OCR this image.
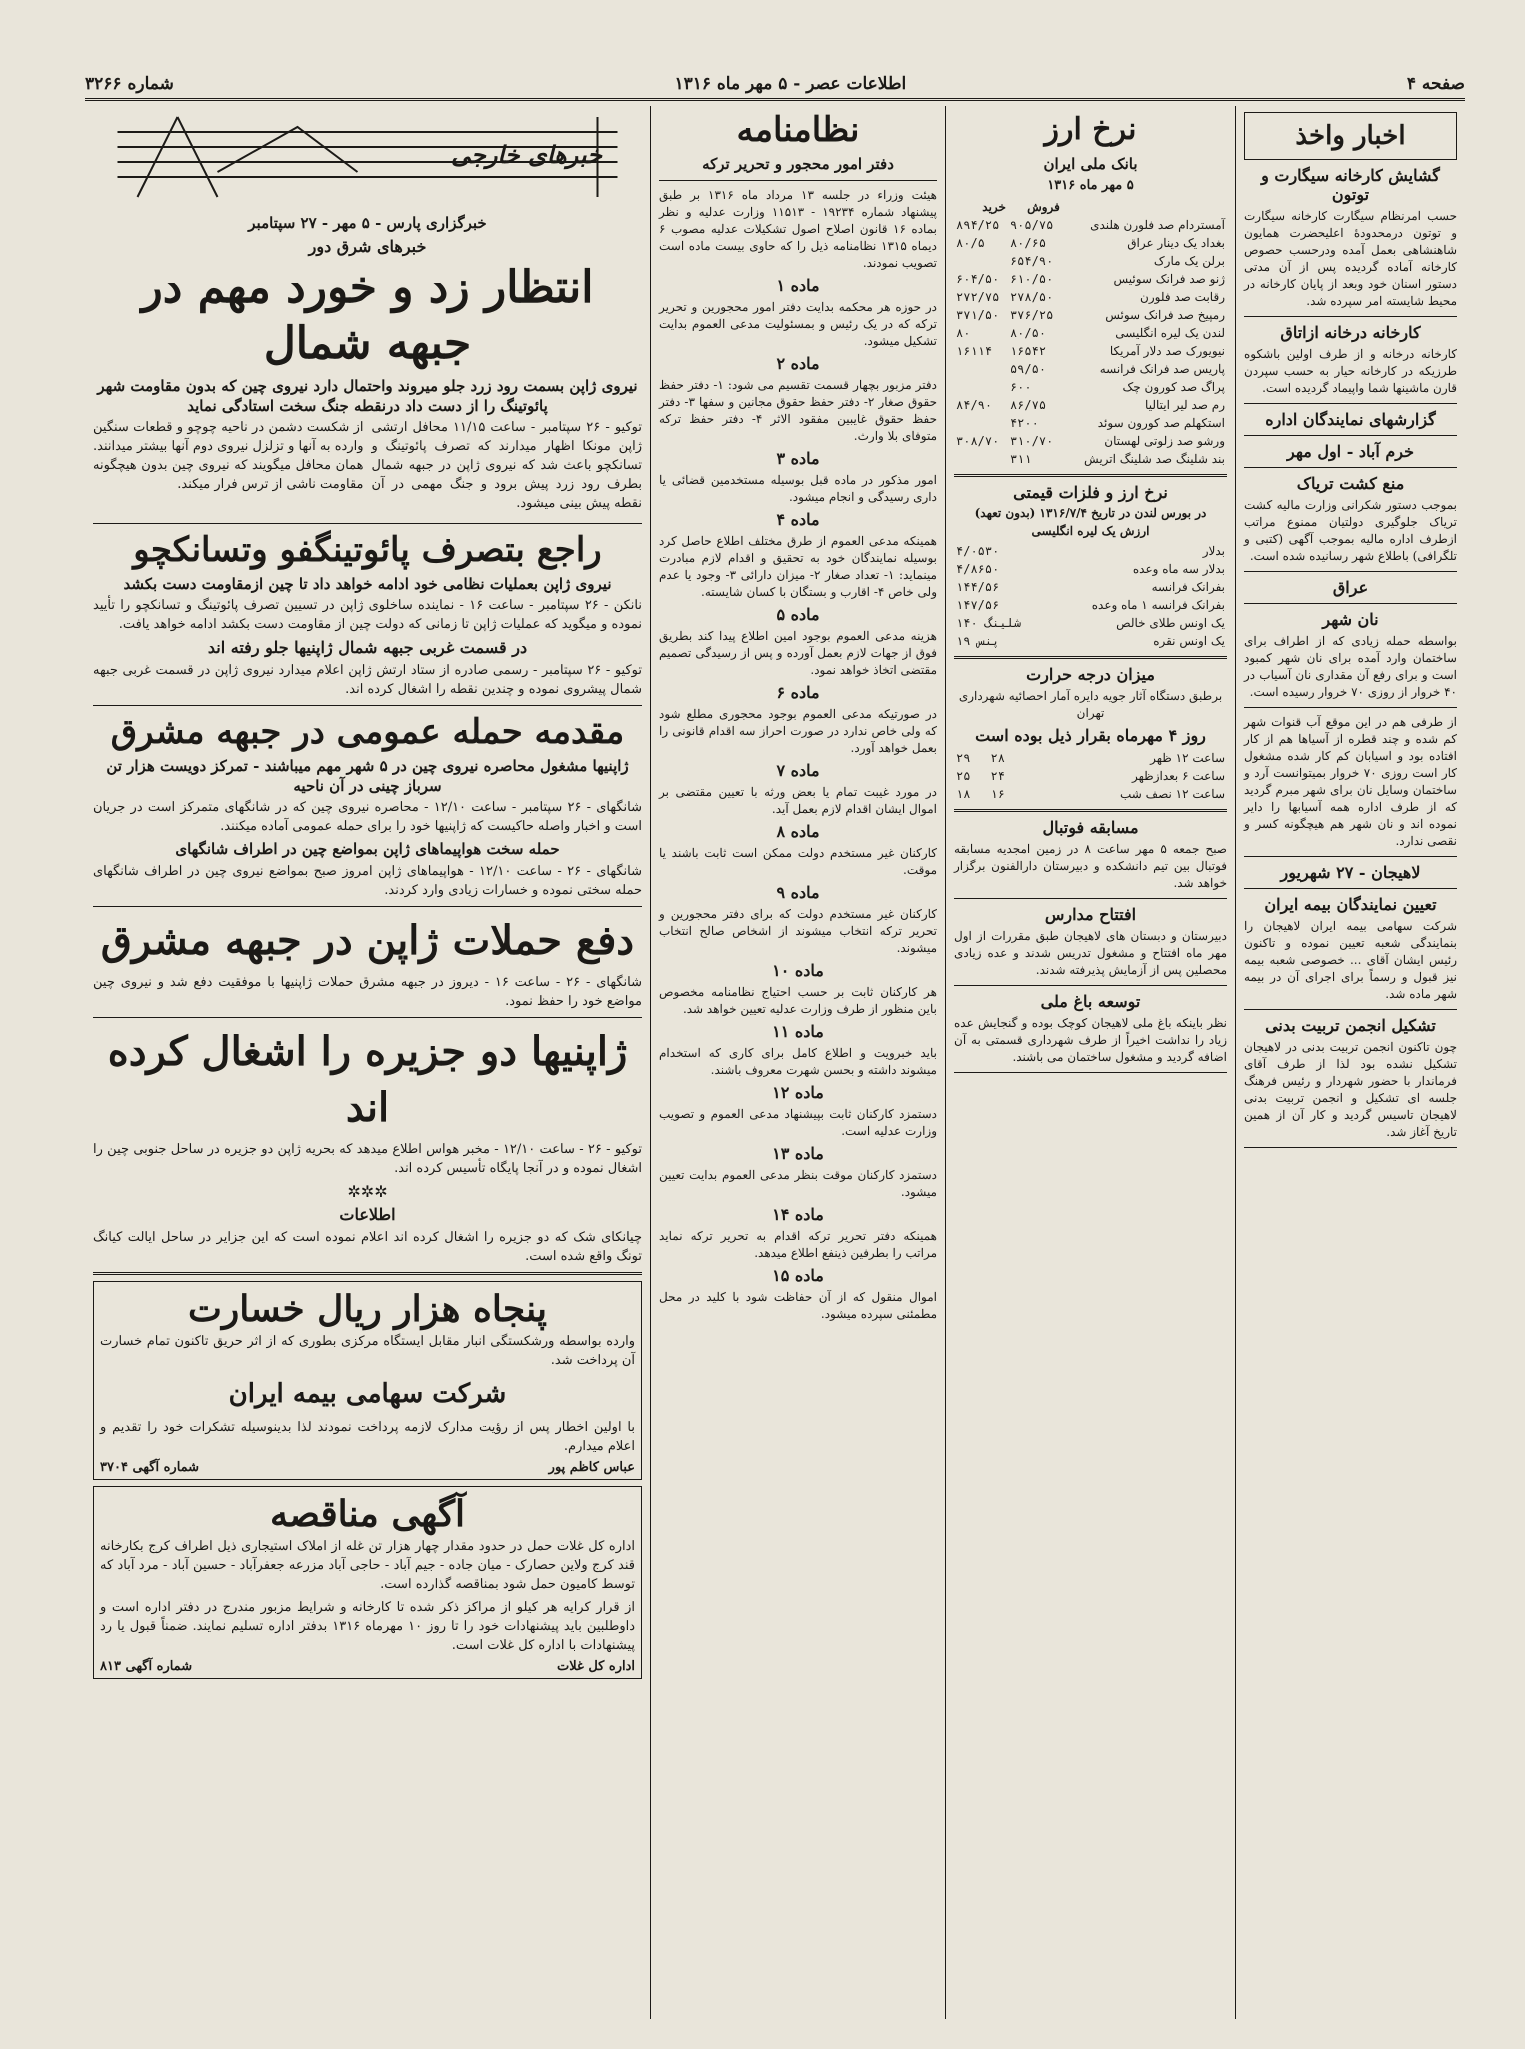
صفحه ۴
اطلاعات عصر - ۵ مهر ماه ۱۳۱۶
شماره ۳۲۶۶
اخبار واخذ
گشایش کارخانه سیگارت و توتون

حسب امرنظام سیگارت کارخانه سیگارت و توتون درمحدودهٔ اعلیحضرت همایون شاهنشاهی بعمل آمده ودرحسب حصوص کارخانه آماده گردیده پس از آن مدتی دستور اسنان خود وبعد از پایان کارخانه در محیط شایسته امر سپرده شد.

کارخانه درخانه ازاتاق

کارخانه درخانه و از طرف اولین باشکوه طرزیکه در کارخانه حیار به حسب سپردن قارن ماشینها شما واپیماد گردیده است.

گزارشهای نمایندگان اداره
خرم آباد - اول مهر
منع کشت تریاک

بموجب دستور شکرانی وزارت مالیه کشت تریاک جلوگیری دولتیان ممنوع مراتب ازطرف اداره مالیه بموجب آگهی (کتبی و تلگرافی) باطلاع شهر رسانیده شده است.

عراق
نان شهر

بواسطه حمله زیادی که از اطراف برای ساختمان وارد آمده برای نان شهر کمبود است و برای رفع آن مقداری نان آسیاب در ۴۰ خروار از روزی ۷۰ خروار رسیده است.

از طرفی هم در این موقع آب قنوات شهر کم شده و چند قطره از آسیاها هم از کار افتاده بود و اسیابان کم کار شده مشغول کار است روزی ۷۰ خروار بمیتوانست آرد و ساختمان وسایل نان برای شهر مبرم گردید که از طرف اداره همه آسیابها را دایر نموده اند و نان شهر هم هیچگونه کسر و نقصی ندارد.

لاهیجان - ۲۷ شهریور
تعیین نمایندگان بیمه ایران

شرکت سهامی بیمه ایران لاهیجان را بنمایندگی شعبه تعیین نموده و تاکنون رئیس ایشان آقای ... خصوصی شعبه بیمه نیز قبول و رسماً برای اجرای آن در بیمه شهر ماده شد.

تشکیل انجمن تربیت بدنی

چون تاکنون انجمن تربیت بدنی در لاهیجان تشکیل نشده بود لذا از طرف آقای فرماندار با حضور شهردار و رئیس فرهنگ جلسه ای تشکیل و انجمن تربیت بدنی لاهیجان تاسیس گردید و کار آن از همین تاریخ آغاز شد.

نرخ ارز
بانک ملی ایران
۵ مهر ماه ۱۳۱۶
	فروش	خرید
آمستردام صد فلورن هلندی	۹۰۵/۷۵	۸۹۴/۲۵
بغداد یک دینار عراق	۸۰/۶۵	۸۰/۵
برلن یک مارک	۶۵۴/۹۰	
ژنو صد فرانک سوئیس	۶۱۰/۵۰	۶۰۴/۵۰
رقابت صد فلورن	۲۷۸/۵۰	۲۷۲/۷۵
رمپیخ صد فرانک سوئس	۳۷۶/۲۵	۳۷۱/۵۰
لندن یک لیره انگلیسی	۸۰/۵۰	۸۰
نیویورک صد دلار آمریکا	۱۶۵۴۲	۱۶۱۱۴
پاریس صد فرانک فرانسه	۵۹/۵۰	
پراگ صد کورون چک	۶۰۰	
رم صد لیر ایتالیا	۸۶/۷۵	۸۴/۹۰
استکهلم صد کورون سوئد	۴۲۰۰	
ورشو صد زلوتی لهستان	۳۱۰/۷۰	۳۰۸/۷۰
بند شلینگ صد شلینگ اتریش	۳۱۱	
نرخ ارز و فلزات قیمتی
در بورس لندن در تاریخ ۱۳۱۶/۷/۴ (بدون تعهد)
ارزش یک لیره انگلیسی
بدلار	۴/۰۵۳۰
بدلار سه ماه وعده	۴/۸۶۵۰
بفرانک فرانسه	۱۴۴/۵۶
بفرانک فرانسه ۱ ماه وعده	۱۴۷/۵۶
یک اونس طلای خالص	۱۴۰ شلینگ
یک اونس نقره	۱۹ پنس
میزان درجه حرارت

برطبق دستگاه آثار جویه دایره آمار احصائیه شهرداری تهران

روز ۴ مهرماه بقرار ذیل بوده است
ساعت ۱۲ ظهر	۲۸	۲۹
ساعت ۶ بعدازظهر	۲۴	۲۵
ساعت ۱۲ نصف شب	۱۶	۱۸
مسابقه فوتبال

صبح جمعه ۵ مهر ساعت ۸ در زمین امجدیه مسابقه فوتبال بین تیم دانشکده و دبیرستان دارالفنون برگزار خواهد شد.

افتتاح مدارس

دبیرستان و دبستان های لاهیجان طبق مقررات از اول مهر ماه افتتاح و مشغول تدریس شدند و عده زیادی محصلین پس از آزمایش پذیرفته شدند.

توسعه باغ ملی

نظر باینکه باغ ملی لاهیجان کوچک بوده و گنجایش عده زیاد را نداشت اخیراً از طرف شهرداری قسمتی به آن اضافه گردید و مشغول ساختمان می باشند.

نظامنامه
دفتر امور محجور و تحریر ترکه

هیئت وزراء در جلسه ۱۳ مرداد ماه ۱۳۱۶ بر طبق پیشنهاد شماره ۱۹۲۳۴ - ۱۱۵۱۳ وزارت عدلیه و نظر بماده ۱۶ قانون اصلاح اصول تشکیلات عدلیه مصوب ۶ دیماه ۱۳۱۵ نظامنامه ذیل را که حاوی بیست ماده است تصویب نمودند.

ماده ۱

در حوزه هر محکمه بدایت دفتر امور محجورین و تحریر ترکه که در یک رئیس و بمسئولیت مدعی العموم بدایت تشکیل میشود.

ماده ۲

دفتر مزبور بچهار قسمت تقسیم می شود: ۱- دفتر حفظ حقوق صغار ۲- دفتر حفظ حقوق مجانین و سفها ۳- دفتر حفظ حقوق غایبین مفقود الاثر ۴- دفتر حفظ ترکه متوفای بلا وارث.

ماده ۳

امور مذکور در ماده قبل بوسیله مستخدمین قضائی یا داری رسیدگی و انجام میشود.

ماده ۴

همینکه مدعی العموم از طرق مختلف اطلاع حاصل کرد بوسیله نمایندگان خود به تحقیق و اقدام لازم مبادرت مینماید: ۱- تعداد صغار ۲- میزان دارائی ۳- وجود یا عدم ولی خاص ۴- اقارب و بستگان با کسان شایسته.

ماده ۵

هزینه مدعی العموم بوجود امین اطلاع پیدا کند بطریق فوق از جهات لازم بعمل آورده و پس از رسیدگی تصمیم مقتضی اتخاذ خواهد نمود.

ماده ۶

در صورتیکه مدعی العموم بوجود محجوری مطلع شود که ولی خاص ندارد در صورت احراز سه اقدام قانونی را بعمل خواهد آورد.

ماده ۷

در مورد غیبت تمام یا بعض ورثه با تعیین مقتضی بر اموال ایشان اقدام لازم بعمل آید.

ماده ۸

کارکنان غیر مستخدم دولت ممکن است ثابت باشند یا موقت.

ماده ۹

کارکنان غیر مستخدم دولت که برای دفتر محجورین و تحریر ترکه انتخاب میشوند از اشخاص صالح انتخاب میشوند.

ماده ۱۰

هر کارکنان ثابت بر حسب احتیاج نظامنامه مخصوص باین منظور از طرف وزارت عدلیه تعیین خواهد شد.

ماده ۱۱

باید خبرویت و اطلاع کامل برای کاری که استخدام میشوند داشته و بحسن شهرت معروف باشند.

ماده ۱۲

دستمزد کارکنان ثابت بپیشنهاد مدعی العموم و تصویب وزارت عدلیه است.

ماده ۱۳

دستمزد کارکنان موقت بنظر مدعی العموم بدایت تعیین میشود.

ماده ۱۴

همینکه دفتر تحریر ترکه اقدام به تحریر ترکه نماید مراتب را بطرفین ذینفع اطلاع میدهد.

ماده ۱۵

اموال منقول که از آن حفاظت شود با کلید در محل مطمئنی سپرده میشود.

خبرهای خارجی
خبرگزاری پارس - ۵ مهر - ۲۷ سپتامبر
خبرهای شرق دور
انتظار زد و خورد مهم در جبهه شمال
نیروی ژاپن بسمت رود زرد جلو میروند واحتمال دارد نیروی چین که بدون مقاومت شهر پائوتینگ را از دست داد درنقطه جنگ سخت استادگی نماید

توکیو - ۲۶ سپتامبر - ساعت ۱۱/۱۵ محافل ارتشی ژاپن مونکا اظهار میدارند که تصرف پائوتینگ و تسانکچو باعث شد که نیروی ژاپن در جبهه شمال بطرف رود زرد پیش برود و جنگ مهمی در آن نقطه پیش بینی میشود.

از شکست دشمن در ناحیه چوچو و قطعات سنگین وارده به آنها و تزلزل نیروی دوم آنها بیشتر میدانند. همان محافل میگویند که نیروی چین بدون هیچگونه مقاومت ناشی از ترس فرار میکند.

راجع بتصرف پائوتینگفو وتسانکچو
نیروی ژاپن بعملیات نظامی خود ادامه خواهد داد تا چین ازمقاومت دست بکشد

نانکن - ۲۶ سپتامبر - ساعت ۱۶ - نماینده ساخلوی ژاپن در تسیین تصرف پائوتینگ و تسانکچو را تأیید نموده و میگوید که عملیات ژاپن تا زمانی که دولت چین از مقاومت دست بکشد ادامه خواهد یافت.

در قسمت غربی جبهه شمال ژاپنیها جلو رفته اند

توکیو - ۲۶ سپتامبر - رسمی صادره از ستاد ارتش ژاپن اعلام میدارد نیروی ژاپن در قسمت غربی جبهه شمال پیشروی نموده و چندین نقطه را اشغال کرده اند.

مقدمه حمله عمومی در جبهه مشرق
ژاپنیها مشغول محاصره نیروی چین در ۵ شهر مهم میباشند - تمرکز دویست هزار تن سرباز چینی در آن ناحیه

شانگهای - ۲۶ سپتامبر - ساعت ۱۲/۱۰ - محاصره نیروی چین که در شانگهای متمرکز است در جریان است و اخبار واصله حاکیست که ژاپنیها خود را برای حمله عمومی آماده میکنند.

حمله سخت هواپیماهای ژاپن بمواضع چین در اطراف شانگهای

شانگهای - ۲۶ - ساعت ۱۲/۱۰ - هواپیماهای ژاپن امروز صبح بمواضع نیروی چین در اطراف شانگهای حمله سختی نموده و خسارات زیادی وارد کردند.

دفع حملات ژاپن در جبهه مشرق

شانگهای - ۲۶ - ساعت ۱۶ - دیروز در جبهه مشرق حملات ژاپنیها با موفقیت دفع شد و نیروی چین مواضع خود را حفظ نمود.

ژاپنیها دو جزیره را اشغال کرده اند

توکیو - ۲۶ - ساعت ۱۲/۱۰ - مخبر هواس اطلاع میدهد که بحریه ژاپن دو جزیره در ساحل جنوبی چین را اشغال نموده و در آنجا پایگاه تأسیس کرده اند.

✲✲✲
اطلاعات

چیانکای شک که دو جزیره را اشغال کرده اند اعلام نموده است که این جزایر در ساحل ایالت کیانگ تونگ واقع شده است.

پنجاه هزار ریال خسارت

وارده بواسطه ورشکستگی انبار مقابل ایستگاه مرکزی بطوری که از اثر حریق تاکنون تمام خسارت آن پرداخت شد.

شرکت سهامی بیمه ایران

با اولین اخطار پس از رؤیت مدارک لازمه پرداخت نمودند لذا بدینوسیله تشکرات خود را تقدیم و اعلام میدارم.

عباس کاظم پور
شماره آگهی ۳۷۰۴
آگهی مناقصه

اداره کل غلات حمل در حدود مقدار چهار هزار تن غله از املاک استیجاری ذیل اطراف کرج بکارخانه قند کرج ولاین حصارک - میان جاده - جیم آباد - حاجی آباد مزرعه جعفرآباد - حسین آباد - مرد آباد که توسط کامیون حمل شود بمناقصه گذارده است.

از قرار کرایه هر کیلو از مراکز ذکر شده تا کارخانه و شرایط مزبور مندرج در دفتر اداره است و داوطلبین باید پیشنهادات خود را تا روز ۱۰ مهرماه ۱۳۱۶ بدفتر اداره تسلیم نمایند. ضمناً قبول یا رد پیشنهادات با اداره کل غلات است.

اداره کل غلات
شماره آگهی ۸۱۳
